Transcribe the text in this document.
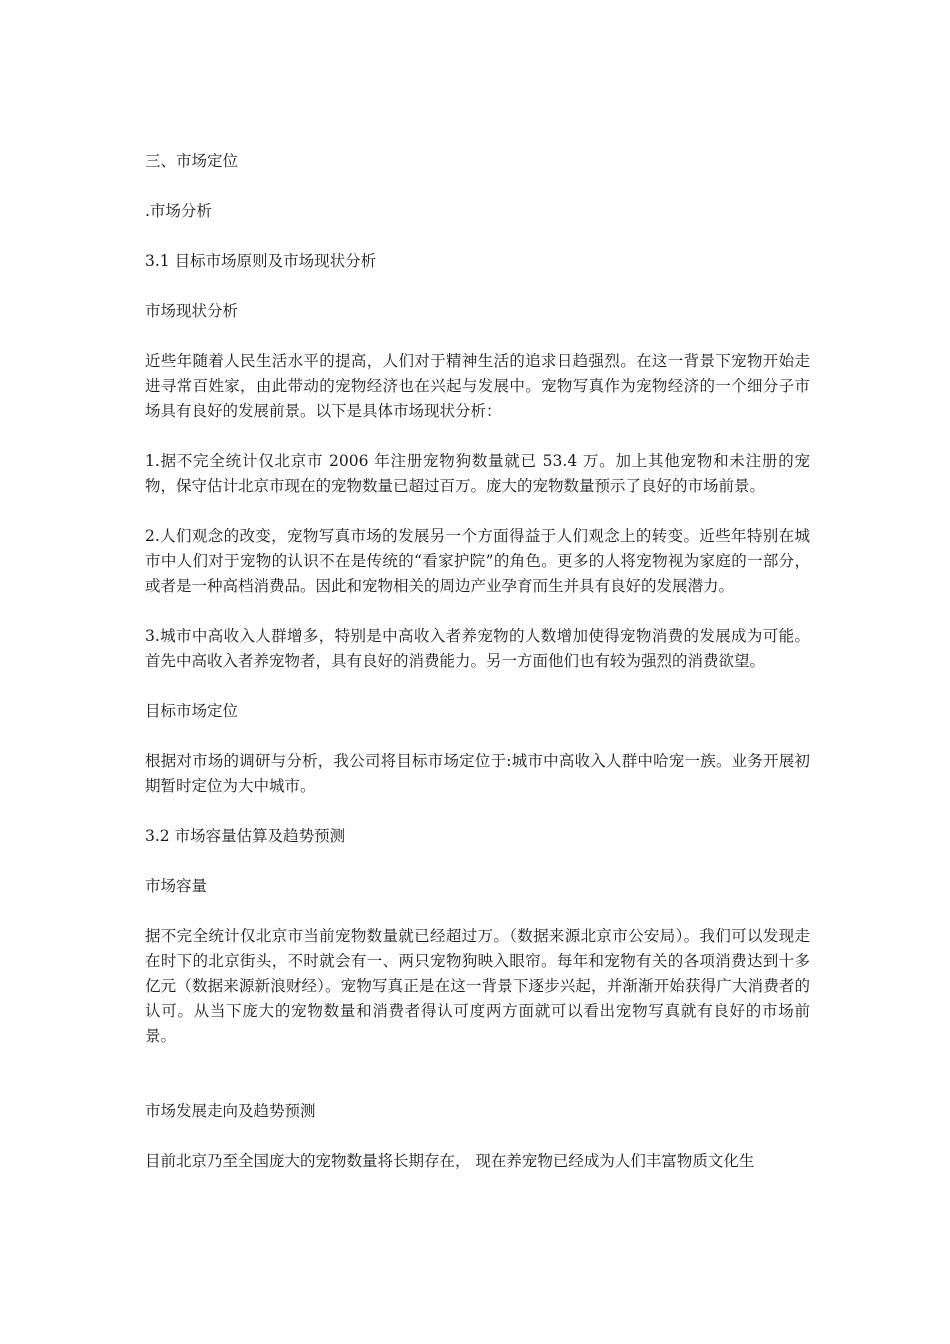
三、市场定位

.市场分析

3.1 目标市场原则及市场现状分析

市场现状分析

近些年随着人民生活水平的提高，人们对于精神生活的追求日趋强烈。在这一背景下宠物开始走进寻常百姓家，由此带动的宠物经济也在兴起与发展中。宠物写真作为宠物经济的一个细分子市场具有良好的发展前景。以下是具体市场现状分析：

1.据不完全统计仅北京市 2006 年注册宠物狗数量就已 53.4 万。加上其他宠物和未注册的宠物，保守估计北京市现在的宠物数量已超过百万。庞大的宠物数量预示了良好的市场前景。

2.人们观念的改变，宠物写真市场的发展另一个方面得益于人们观念上的转变。近些年特别在城市中人们对于宠物的认识不在是传统的“看家护院”的角色。更多的人将宠物视为家庭的一部分，或者是一种高档消费品。因此和宠物相关的周边产业孕育而生并具有良好的发展潜力。

3.城市中高收入人群增多，特别是中高收入者养宠物的人数增加使得宠物消费的发展成为可能。首先中高收入者养宠物者，具有良好的消费能力。另一方面他们也有较为强烈的消费欲望。

目标市场定位

根据对市场的调研与分析，我公司将目标市场定位于:城市中高收入人群中哈宠一族。业务开展初期暂时定位为大中城市。

3.2 市场容量估算及趋势预测

市场容量

据不完全统计仅北京市当前宠物数量就已经超过万。（数据来源北京市公安局）。我们可以发现走在时下的北京街头，不时就会有一、两只宠物狗映入眼帘。每年和宠物有关的各项消费达到十多亿元（数据来源新浪财经）。宠物写真正是在这一背景下逐步兴起，并渐渐开始获得广大消费者的认可。从当下庞大的宠物数量和消费者得认可度两方面就可以看出宠物写真就有良好的市场前景。

市场发展走向及趋势预测

目前北京乃至全国庞大的宠物数量将长期存在， 现在养宠物已经成为人们丰富物质文化生
